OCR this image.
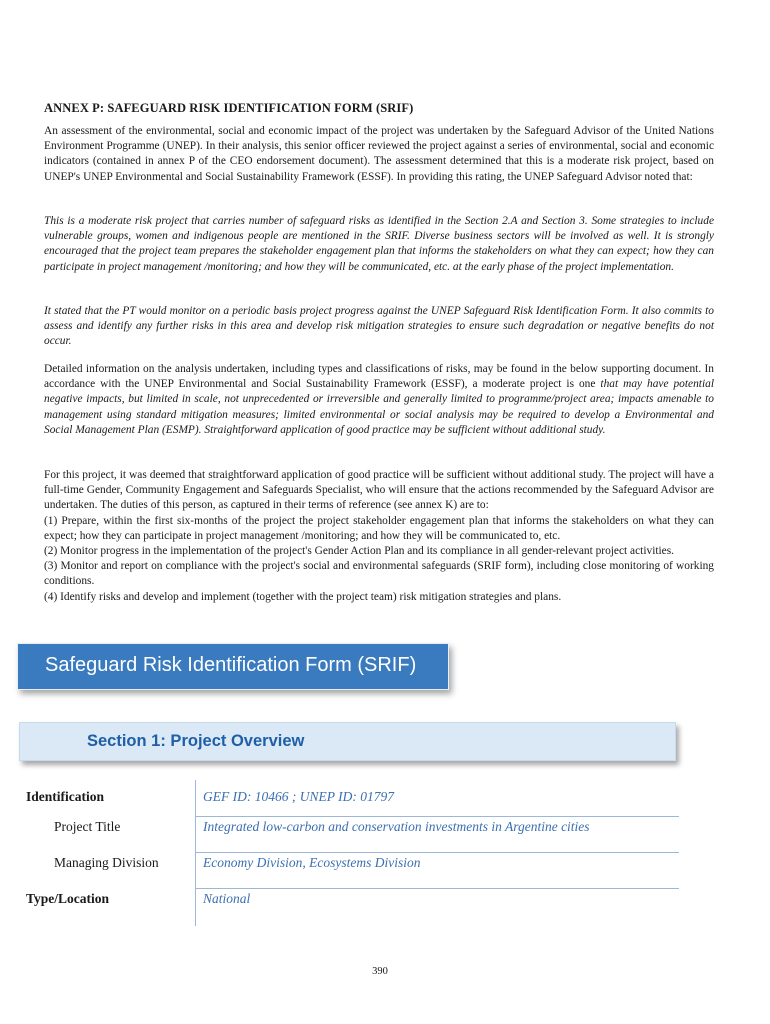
ANNEX P: SAFEGUARD RISK IDENTIFICATION FORM (SRIF)

An assessment of the environmental, social and economic impact of the project was undertaken by the Safeguard Advisor of the United Nations Environment Programme (UNEP). In their analysis, this senior officer reviewed the project against a series of environmental, social and economic indicators (contained in annex P of the CEO endorsement document). The assessment determined that this is a moderate risk project, based on UNEP's UNEP Environmental and Social Sustainability Framework (ESSF). In providing this rating, the UNEP Safeguard Advisor noted that:

This is a moderate risk project that carries number of safeguard risks as identified in the Section 2.A and Section 3. Some strategies to include vulnerable groups, women and indigenous people are mentioned in the SRIF. Diverse business sectors will be involved as well. It is strongly encouraged that the project team prepares the stakeholder engagement plan that informs the stakeholders on what they can expect; how they can participate in project management /monitoring; and how they will be communicated, etc. at the early phase of the project implementation.

It stated that the PT would monitor on a periodic basis project progress against the UNEP Safeguard Risk Identification Form. It also commits to assess and identify any further risks in this area and develop risk mitigation strategies to ensure such degradation or negative benefits do not occur.

Detailed information on the analysis undertaken, including types and classifications of risks, may be found in the below supporting document. In accordance with the UNEP Environmental and Social Sustainability Framework (ESSF), a moderate project is one that may have potential negative impacts, but limited in scale, not unprecedented or irreversible and generally limited to programme/project area; impacts amenable to management using standard mitigation measures; limited environmental or social analysis may be required to develop a Environmental and Social Management Plan (ESMP). Straightforward application of good practice may be sufficient without additional study.

For this project, it was deemed that straightforward application of good practice will be sufficient without additional study. The project will have a full-time Gender, Community Engagement and Safeguards Specialist, who will ensure that the actions recommended by the Safeguard Advisor are undertaken. The duties of this person, as captured in their terms of reference (see annex K) are to:
(1) Prepare, within the first six-months of the project the project stakeholder engagement plan that informs the stakeholders on what they can expect; how they can participate in project management /monitoring; and how they will be communicated to, etc.
(2) Monitor progress in the implementation of the project's Gender Action Plan and its compliance in all gender-relevant project activities.
(3) Monitor and report on compliance with the project's social and environmental safeguards (SRIF form), including close monitoring of working conditions.
(4) Identify risks and develop and implement (together with the project team) risk mitigation strategies and plans.
Safeguard Risk Identification Form (SRIF)
Section 1: Project Overview
Identification	GEF ID: 10466 ; UNEP ID: 01797
Project Title	Integrated low-carbon and conservation investments in Argentine cities
Managing Division	Economy Division, Ecosystems Division
Type/Location	National
390
